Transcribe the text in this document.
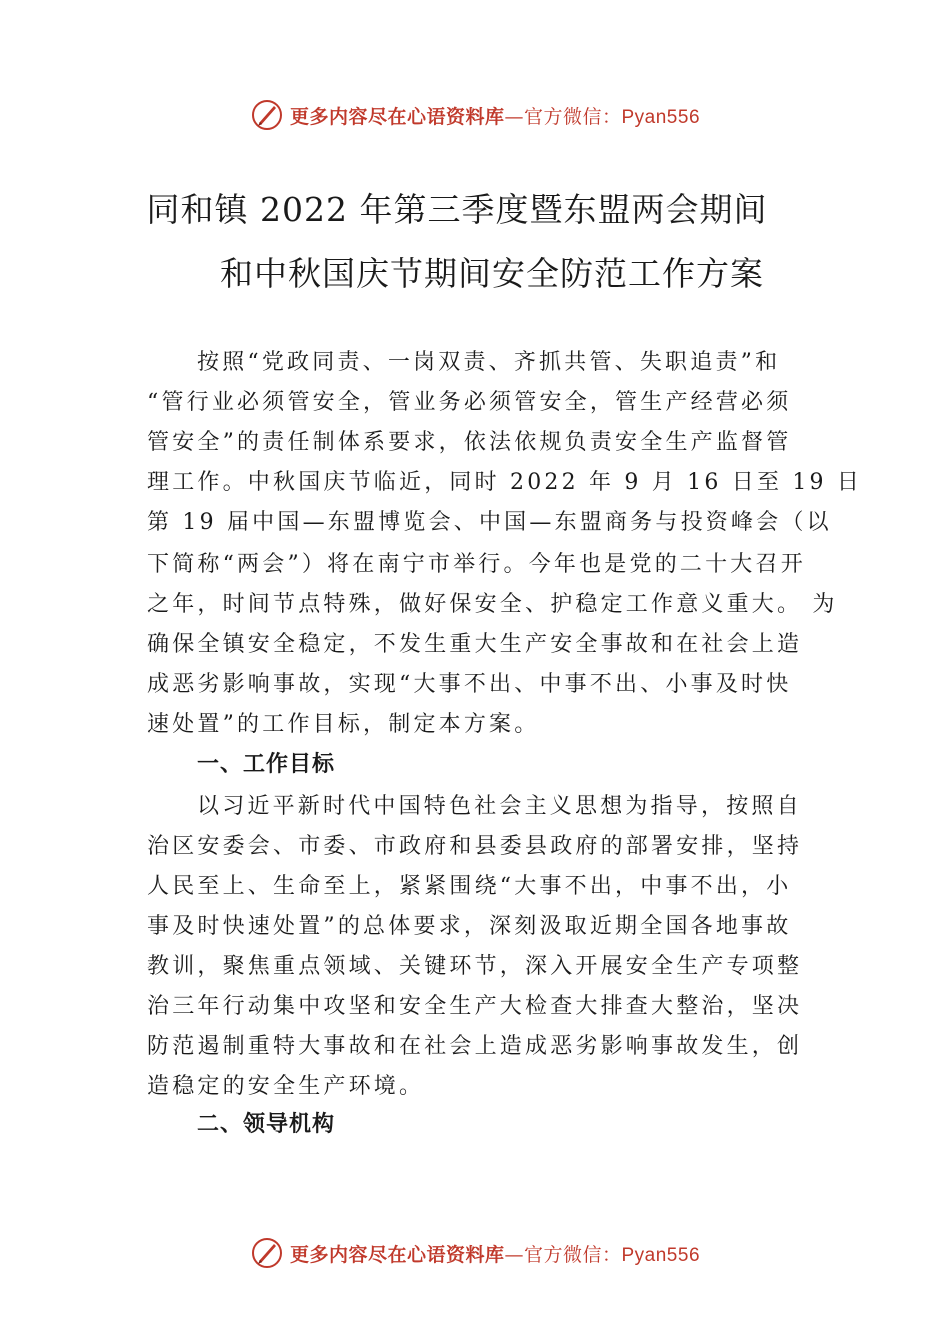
更多内容尽在心语资料库—官方微信：Pyan556
同和镇 2022 年第三季度暨东盟两会期间
和中秋国庆节期间安全防范工作方案
按照“党政同责、一岗双责、齐抓共管、失职追责”和
“管行业必须管安全，管业务必须管安全，管生产经营必须
管安全”的责任制体系要求，依法依规负责安全生产监督管
理工作。中秋国庆节临近，同时 2022 年 9 月 16 日至 19 日
第 19 届中国—东盟博览会、中国—东盟商务与投资峰会（以
下简称“两会”）将在南宁市举行。今年也是党的二十大召开
之年，时间节点特殊，做好保安全、护稳定工作意义重大。 为
确保全镇安全稳定，不发生重大生产安全事故和在社会上造
成恶劣影响事故，实现“大事不出、中事不出、小事及时快
速处置”的工作目标，制定本方案。
一、工作目标
以习近平新时代中国特色社会主义思想为指导，按照自
治区安委会、市委、市政府和县委县政府的部署安排，坚持
人民至上、生命至上，紧紧围绕“大事不出，中事不出，小
事及时快速处置”的总体要求，深刻汲取近期全国各地事故
教训，聚焦重点领域、关键环节，深入开展安全生产专项整
治三年行动集中攻坚和安全生产大检查大排查大整治，坚决
防范遏制重特大事故和在社会上造成恶劣影响事故发生，创
造稳定的安全生产环境。
二、领导机构
更多内容尽在心语资料库—官方微信：Pyan556
